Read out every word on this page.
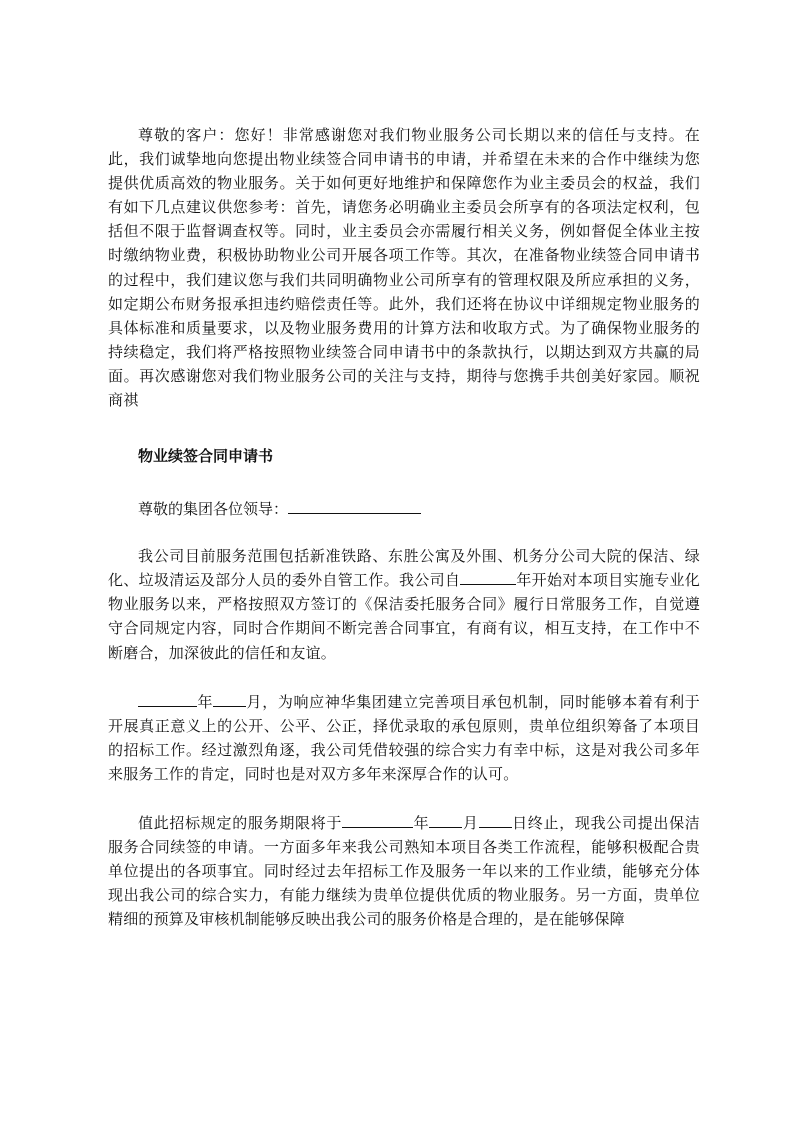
尊敬的客户：您好！非常感谢您对我们物业服务公司长期以来的信任与支持。在此，我们诚挚地向您提出物业续签合同申请书的申请，并希望在未来的合作中继续为您提供优质高效的物业服务。关于如何更好地维护和保障您作为业主委员会的权益，我们有如下几点建议供您参考：首先，请您务必明确业主委员会所享有的各项法定权利，包括但不限于监督调查权等。同时，业主委员会亦需履行相关义务，例如督促全体业主按时缴纳物业费，积极协助物业公司开展各项工作等。其次，在准备物业续签合同申请书的过程中，我们建议您与我们共同明确物业公司所享有的管理权限及所应承担的义务，如定期公布财务报承担违约赔偿责任等。此外，我们还将在协议中详细规定物业服务的具体标准和质量要求，以及物业服务费用的计算方法和收取方式。为了确保物业服务的持续稳定，我们将严格按照物业续签合同申请书中的条款执行，以期达到双方共赢的局面。再次感谢您对我们物业服务公司的关注与支持，期待与您携手共创美好家园。顺祝商祺

物业续签合同申请书
尊敬的集团各位领导：

我公司目前服务范围包括新准铁路、东胜公寓及外围、机务分公司大院的保洁、绿化、垃圾清运及部分人员的委外自管工作。我公司自	年开始对本项目实施专业化物业服务以来，严格按照双方签订的《保洁委托服务合同》履行日常服务工作，自觉遵守合同规定内容，同时合作期间不断完善合同事宜，有商有议，相互支持，在工作中不断磨合，加深彼此的信任和友谊。

年 月，为响应神华集团建立完善项目承包机制，同时能够本着有利于开展真正意义上的公开、公平、公正，择优录取的承包原则，贵单位组织筹备了本项目的招标工作。经过激烈角逐，我公司凭借较强的综合实力有幸中标，这是对我公司多年来服务工作的肯定，同时也是对双方多年来深厚合作的认可。

值此招标规定的服务期限将于	年 月 日终止，现我公司提出保洁服务合同续签的申请。一方面多年来我公司熟知本项目各类工作流程，能够积极配合贵单位提出的各项事宜。同时经过去年招标工作及服务一年以来的工作业绩，能够充分体现出我公司的综合实力，有能力继续为贵单位提供优质的物业服务。另一方面，贵单位精细的预算及审核机制能够反映出我公司的服务价格是合理的，是在能够保障
